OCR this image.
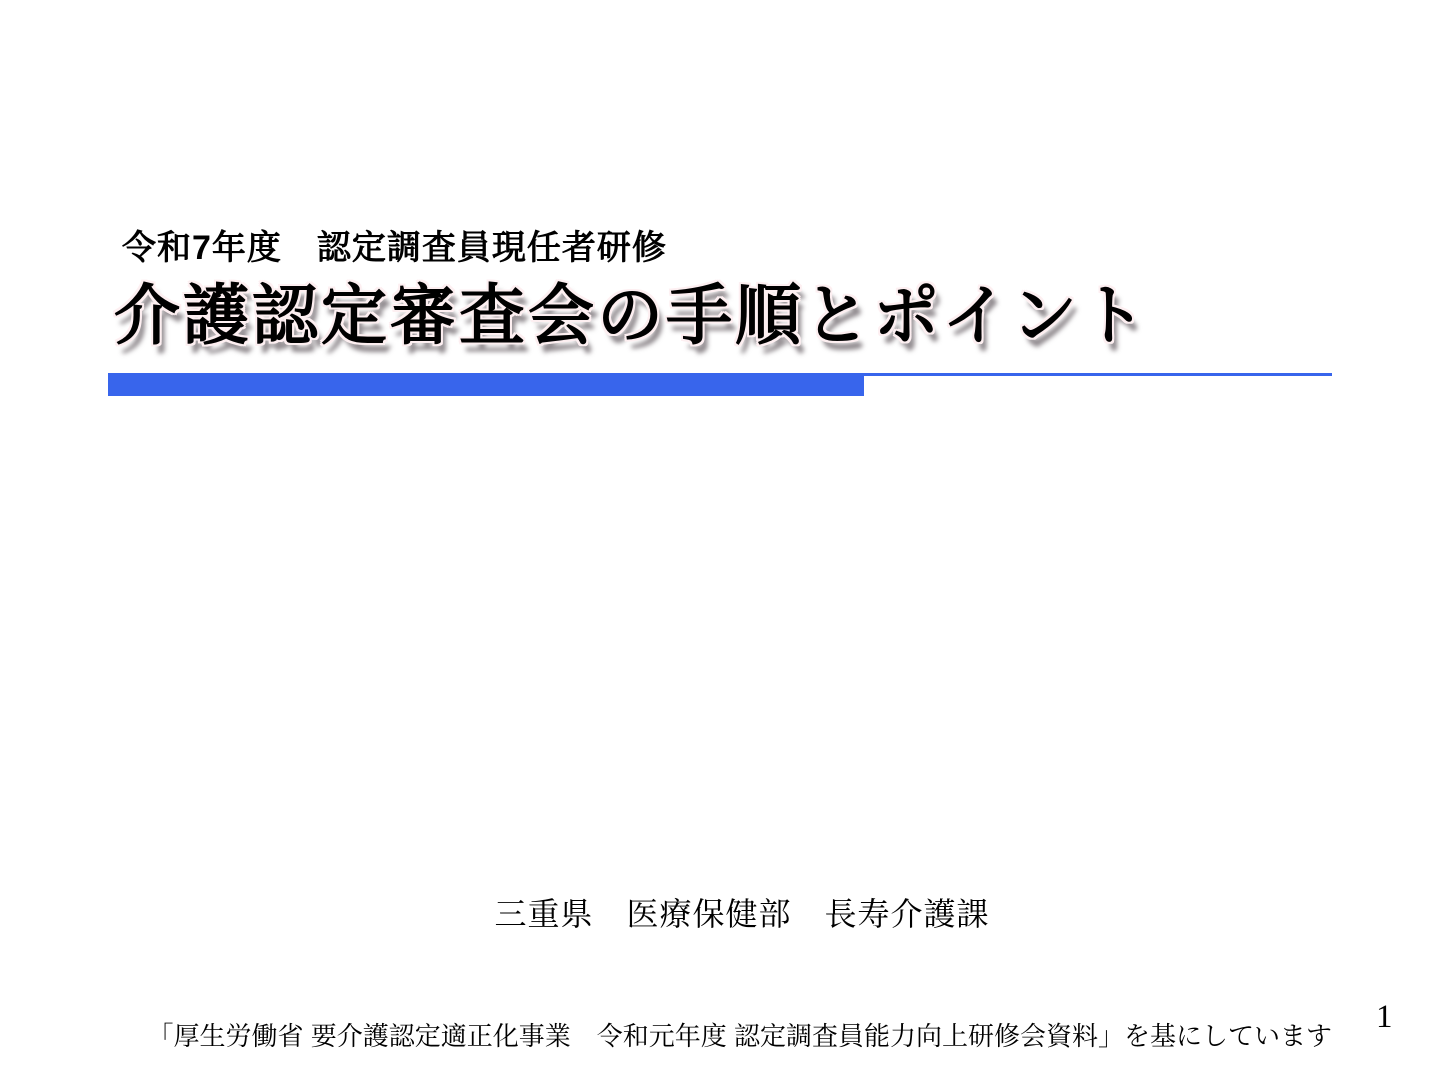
令和7年度　認定調査員現任者研修
介護認定審査会の手順とポイント
三重県　医療保健部　長寿介護課
「厚生労働省 要介護認定適正化事業　令和元年度 認定調査員能力向上研修会資料」を基にしています
1
